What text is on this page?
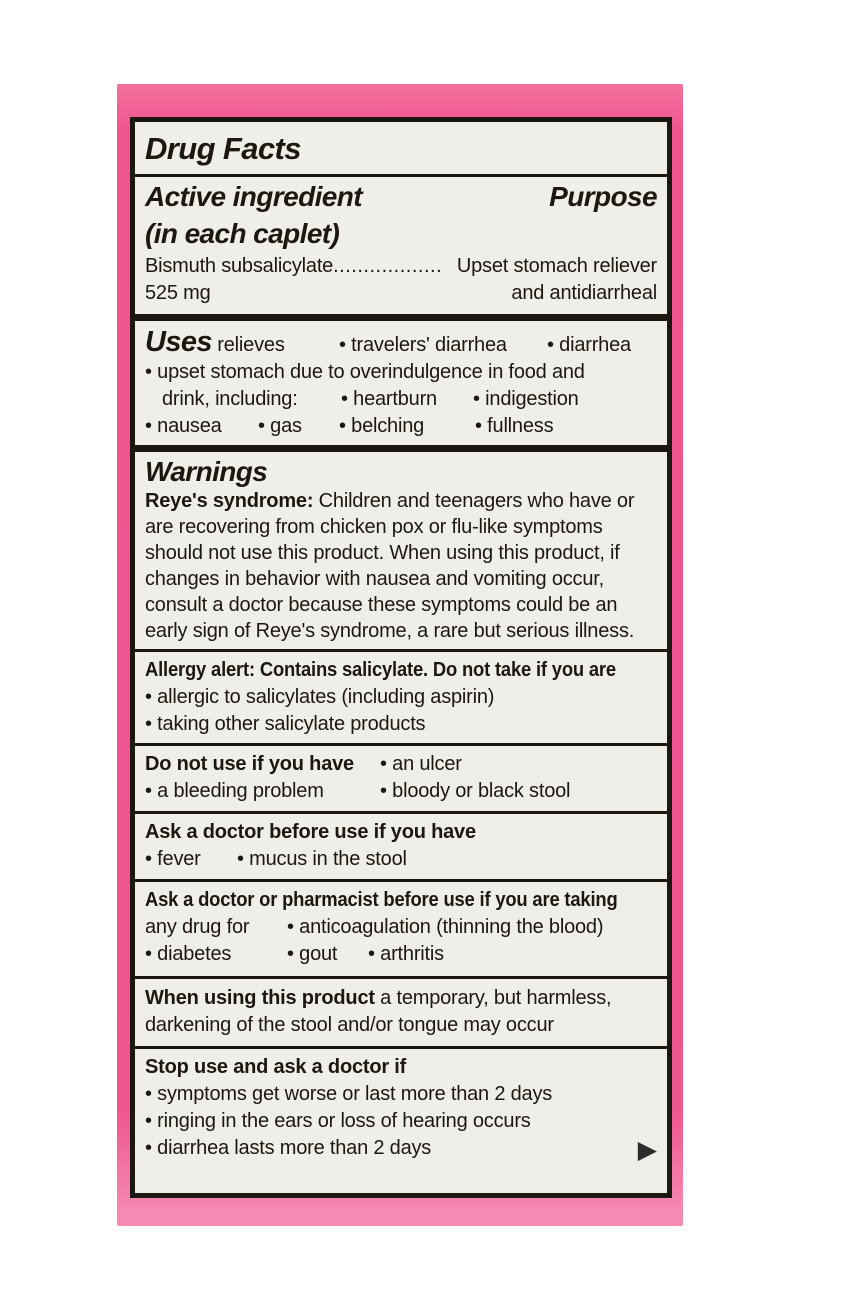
Drug Facts
Active ingredient	Purpose
(in each caplet)
Bismuth subsalicylate .................. Upset stomach reliever
525 mg	and antidiarrheal
Uses relieves	• travelers' diarrhea • diarrhea
• upset stomach due to overindulgence in food and
drink, including: • heartburn • indigestion
• nausea • gas • belching	• fullness
Warnings

Reye's syndrome: Children and teenagers who have or are recovering from chicken pox or flu-like symptoms should not use this product. When using this product, if changes in behavior with nausea and vomiting occur, consult a doctor because these symptoms could be an early sign of Reye's syndrome, a rare but serious illness.

Allergy alert: Contains salicylate. Do not take if you are
• allergic to salicylates (including aspirin)
• taking other salicylate products
Do not use if you have • an ulcer
• a bleeding problem	• bloody or black stool
Ask a doctor before use if you have
• fever • mucus in the stool
Ask a doctor or pharmacist before use if you are taking
any drug for • anticoagulation (thinning the blood)
• diabetes	• gout • arthritis

When using this product a temporary, but harmless, darkening of the stool and/or tongue may occur

Stop use and ask a doctor if
• symptoms get worse or last more than 2 days
• ringing in the ears or loss of hearing occurs
• diarrhea lasts more than 2 days	▶
